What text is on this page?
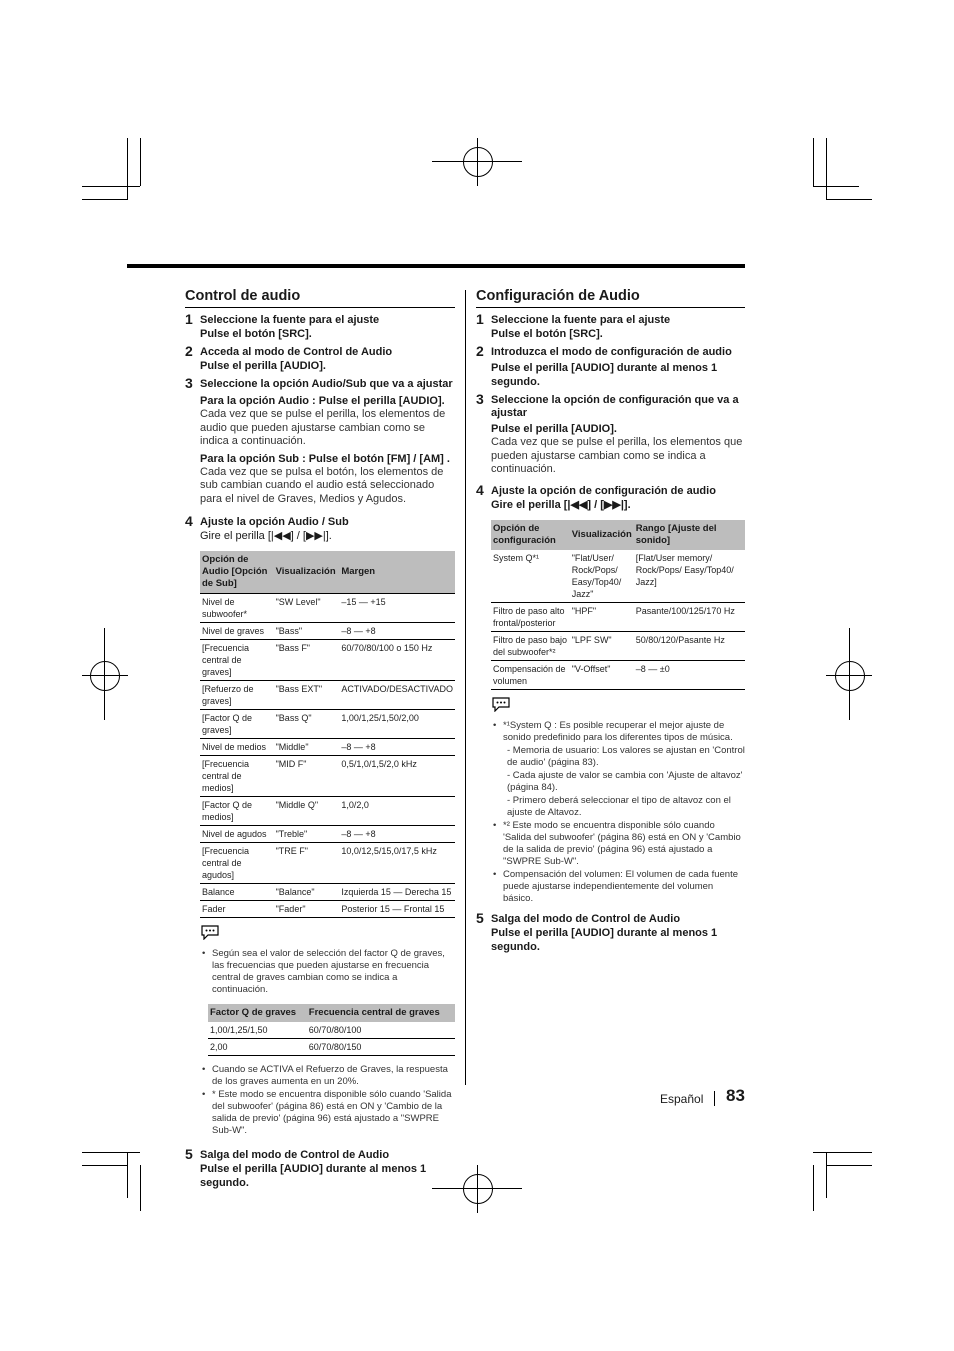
Control de audio
1 Seleccione la fuente para el ajuste
Pulse el botón [SRC].
2 Acceda al modo de Control de Audio
Pulse el perilla [AUDIO].
3 Seleccione la opción Audio/Sub que va a ajustar
Para la opción Audio : Pulse el perilla [AUDIO].
Cada vez que se pulse el perilla, los elementos de audio que pueden ajustarse cambian como se indica a continuación.
Para la opción Sub : Pulse el botón [FM] / [AM] .
Cada vez que se pulsa el botón, los elementos de sub cambian cuando el audio está seleccionado para el nivel de Graves, Medios y Agudos.
4 Ajuste la opción Audio / Sub
Gire el perilla [|◀◀] / [▶▶|].
Opción de Audio [Opción de Sub]	Visualización	Margen
Nivel de subwoofer*	"SW Level"	–15 — +15
Nivel de graves	"Bass"	–8 — +8
[Frecuencia central de graves]	"Bass F"	60/70/80/100 o 150 Hz
[Refuerzo de graves]	"Bass EXT"	ACTIVADO/DESACTIVADO
[Factor Q de graves]	"Bass Q"	1,00/1,25/1,50/2,00
Nivel de medios	"Middle"	–8 — +8
[Frecuencia central de medios]	"MID F"	0,5/1,0/1,5/2,0 kHz
[Factor Q de medios]	"Middle Q"	1,0/2,0
Nivel de agudos	"Treble"	–8 — +8
[Frecuencia central de agudos]	"TRE F"	10,0/12,5/15,0/17,5 kHz
Balance	"Balance"	Izquierda 15 — Derecha 15
Fader	"Fader"	Posterior 15 — Frontal 15
• Según sea el valor de selección del factor Q de graves, las frecuencias que pueden ajustarse en frecuencia central de graves cambian como se indica a continuación.
Factor Q de graves	Frecuencia central de graves
1,00/1,25/1,50	60/70/80/100
2,00	60/70/80/150
• Cuando se ACTIVA el Refuerzo de Graves, la respuesta de los graves aumenta en un 20%.
• * Este modo se encuentra disponible sólo cuando 'Salida del subwoofer' (página 86) está en ON y 'Cambio de la salida de previo' (página 96) está ajustado a "SWPRE Sub-W".
5 Salga del modo de Control de Audio
Pulse el perilla [AUDIO] durante al menos 1 segundo.
Configuración de Audio
1 Seleccione la fuente para el ajuste
Pulse el botón [SRC].
2 Introduzca el modo de configuración de audio
Pulse el perilla [AUDIO] durante al menos 1 segundo.
3 Seleccione la opción de configuración que va a ajustar
Pulse el perilla [AUDIO].
Cada vez que se pulse el perilla, los elementos que pueden ajustarse cambian como se indica a continuación.
4 Ajuste la opción de configuración de audio
Gire el perilla [|◀◀] / [▶▶|].
Opción de configuración	Visualización	Rango [Ajuste del sonido]
System Q*¹	"Flat/User/ Rock/Pops/ Easy/Top40/ Jazz"	[Flat/User memory/ Rock/Pops/ Easy/Top40/ Jazz]
Filtro de paso alto frontal/posterior	"HPF"	Pasante/100/125/170 Hz
Filtro de paso bajo del subwoofer*²	"LPF SW"	50/80/120/Pasante Hz
Compensación de volumen	"V-Offset"	–8 — ±0
• *¹System Q : Es posible recuperar el mejor ajuste de sonido predefinido para los diferentes tipos de música.
- Memoria de usuario: Los valores se ajustan en 'Control de audio' (página 83).
- Cada ajuste de valor se cambia con 'Ajuste de altavoz' (página 84).
- Primero deberá seleccionar el tipo de altavoz con el ajuste de Altavoz.
• *² Este modo se encuentra disponible sólo cuando 'Salida del subwoofer' (página 86) está en ON y 'Cambio de la salida de previo' (página 96) está ajustado a "SWPRE Sub-W".
• Compensación del volumen: El volumen de cada fuente puede ajustarse independientemente del volumen básico.
5 Salga del modo de Control de Audio
Pulse el perilla [AUDIO] durante al menos 1 segundo.
Español 83
